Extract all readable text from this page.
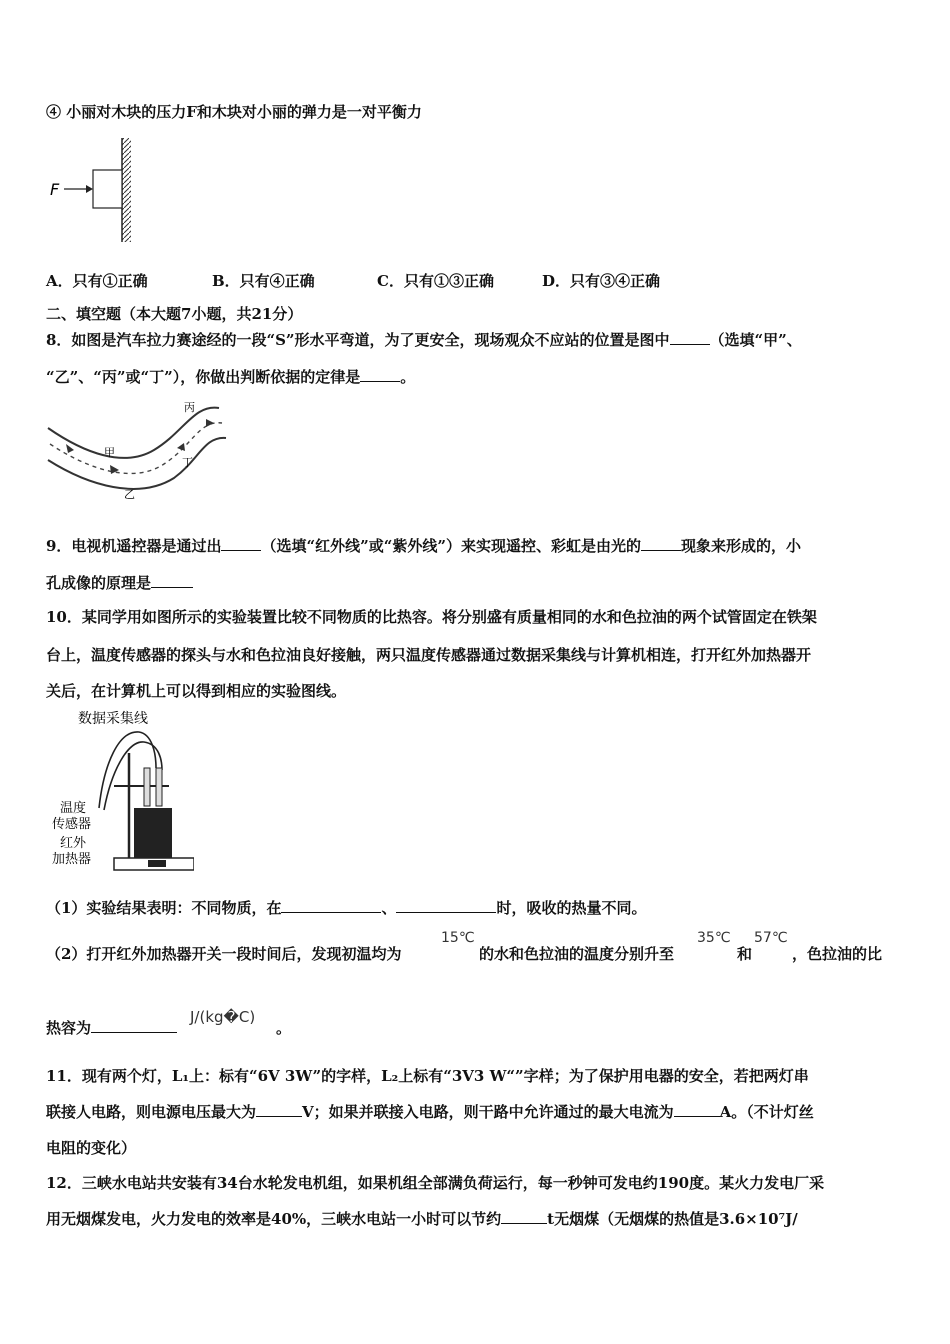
④ 小丽对木块的压力F和木块对小丽的弹力是一对平衡力
F
A．只有①正确	B．只有④正确	C．只有①③正确	D．只有③④正确
二、填空题（本大题7小题，共21分）
8．如图是汽车拉力赛途经的一段“S”形水平弯道，为了更安全，现场观众不应站的位置是图中	（选填“甲”、
“乙”、“丙”或“丁”），你做出判断依据的定律是	。
甲
乙
丙
丁
9．电视机遥控器是通过出	（选填“红外线”或“紫外线”）来实现遥控、彩虹是由光的	现象来形成的，小
孔成像的原理是
10．某同学用如图所示的实验装置比较不同物质的比热容。将分别盛有质量相同的水和色拉油的两个试管固定在铁架
台上，温度传感器的探头与水和色拉油良好接触，两只温度传感器通过数据采集线与计算机相连，打开红外加热器开
关后，在计算机上可以得到相应的实验图线。
数据采集线
温度
传感器
红外
加热器
（1）实验结果表明：不同物质，在	、	时，吸收的热量不同。
（2）打开红外加热器开关一段时间后，发现初温均为
15℃
的水和色拉油的温度分别升至
35℃
和
57℃
，色拉油的比
热容为
J/(kg�C)
。
11．现有两个灯，L₁上：标有“6V 3W”的字样，L₂上标有“3V3 W“”字样；为了保护用电器的安全，若把两灯串
联接人电路，则电源电压最大为	V；如果并联接入电路，则干路中允许通过的最大电流为	A。（不计灯丝
电阻的变化）
12．三峡水电站共安装有34台水轮发电机组，如果机组全部满负荷运行，每一秒钟可发电约190度。某火力发电厂采
用无烟煤发电，火力发电的效率是40%，三峡水电站一小时可以节约	t无烟煤（无烟煤的热值是3.6×10⁷J/
